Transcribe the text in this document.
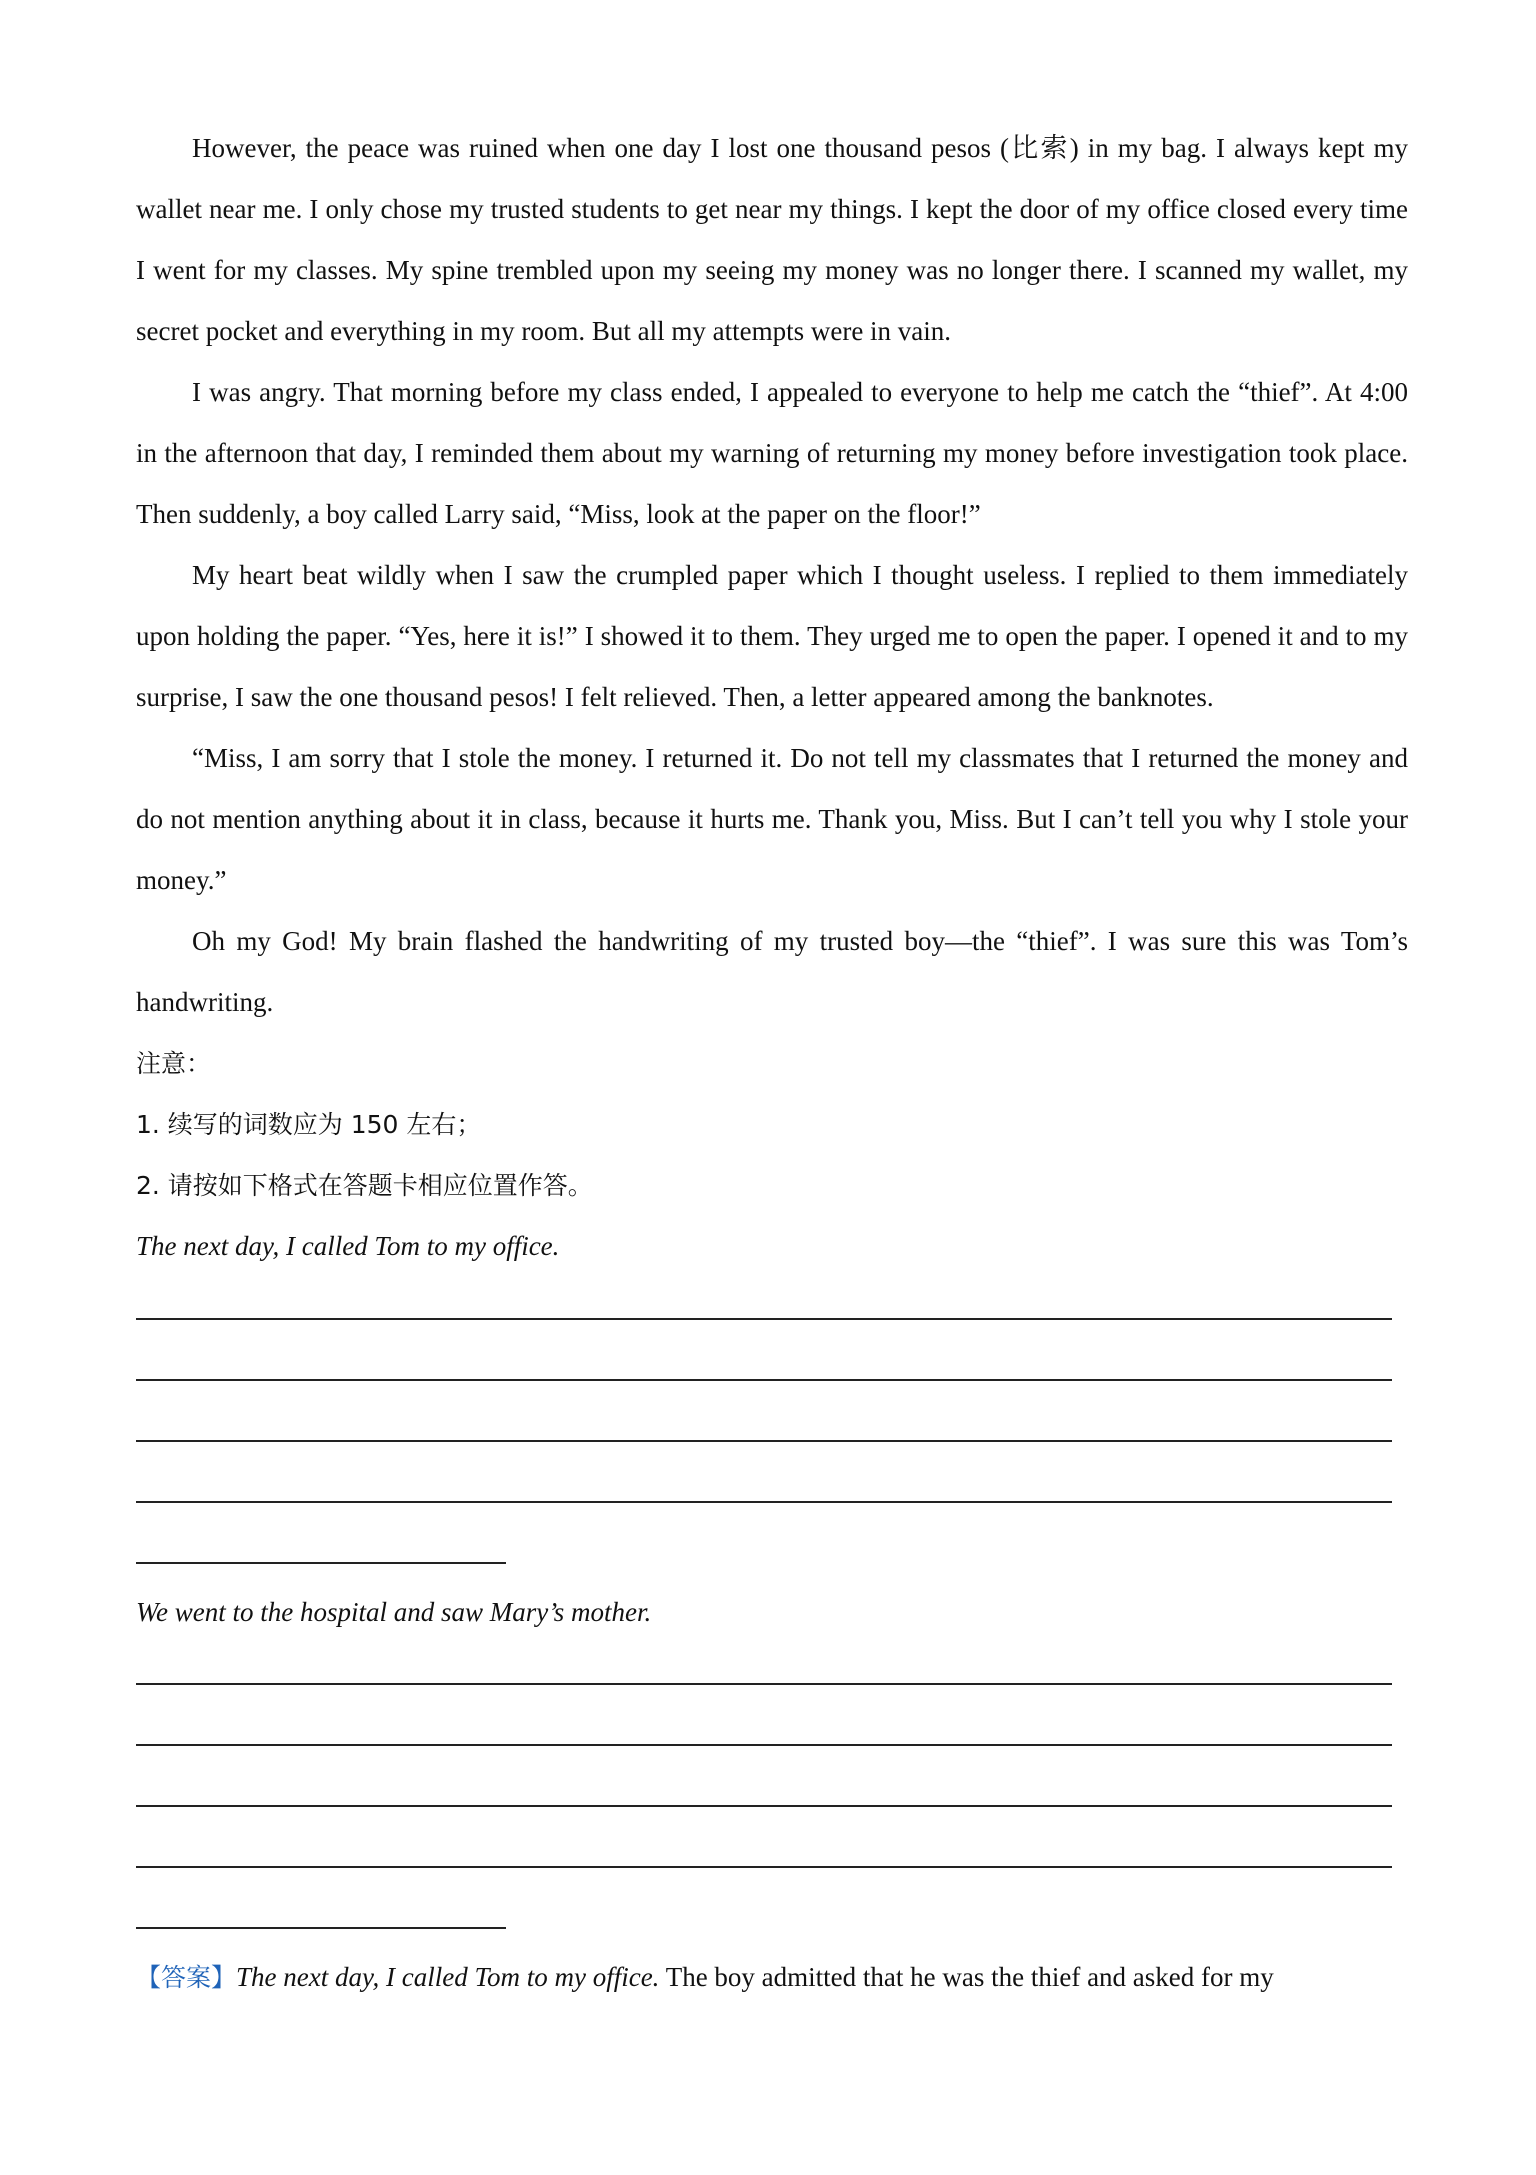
However, the peace was ruined when one day I lost one thousand pesos (比索) in my bag. I always kept my wallet near me. I only chose my trusted students to get near my things. I kept the door of my office closed every time I went for my classes. My spine trembled upon my seeing my money was no longer there. I scanned my wallet, my secret pocket and everything in my room. But all my attempts were in vain.

I was angry. That morning before my class ended, I appealed to everyone to help me catch the “thief”. At 4:00 in the afternoon that day, I reminded them about my warning of returning my money before investigation took place. Then suddenly, a boy called Larry said, “Miss, look at the paper on the floor!”

My heart beat wildly when I saw the crumpled paper which I thought useless. I replied to them immediately upon holding the paper. “Yes, here it is!” I showed it to them. They urged me to open the paper. I opened it and to my surprise, I saw the one thousand pesos! I felt relieved. Then, a letter appeared among the banknotes.

“Miss, I am sorry that I stole the money. I returned it. Do not tell my classmates that I returned the money and do not mention anything about it in class, because it hurts me. Thank you, Miss. But I can’t tell you why I stole your money.”

Oh my God! My brain flashed the handwriting of my trusted boy—the “thief”. I was sure this was Tom’s handwriting.

注意：

1. 续写的词数应为 150 左右；

2. 请按如下格式在答题卡相应位置作答。

The next day, I called Tom to my office.

We went to the hospital and saw Mary’s mother.

【答案】The next day, I called Tom to my office. The boy admitted that he was the thief and asked for my
